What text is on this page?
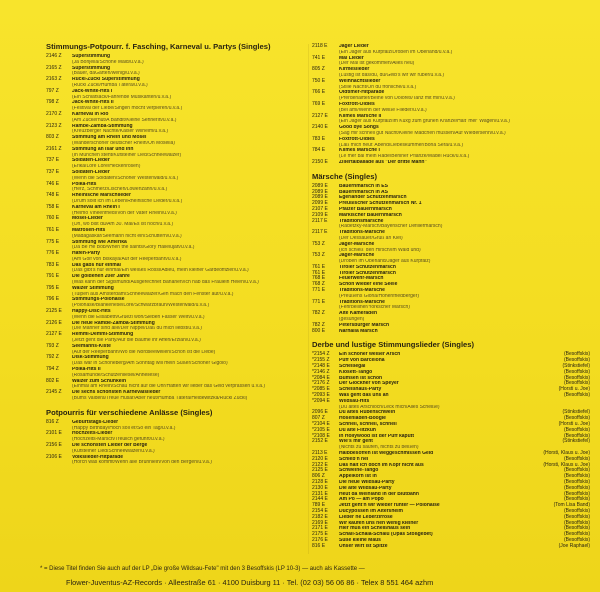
Stimmungs-Potpourr. f. Fasching, Karneval u. Partys (Singles)
2146 Z	Superstimmung
(Ja Bonjella/Schöne Maid/u.v.a.)
2165 Z	Superstimmung
(Bauer, daGarten/wenig/u.v.a.)
2163 Z	Rucki-Zucki Superstimmung
(Rucki Zucki/Humba Täterä/u.v.a.)
797 Z	Jack-White-Hits I
(Ein Schlafsack/Fahrende Musikanten/u.v.a.)
798 Z	Jack-White-Hits II
(Festival der Liebe/Singen möcht verpieren/u.v.a.)
2170 Z	Karneval in Rio
(Am Zuckerhut/A Bandit/Kleine Sennerin/u.v.a.)
2123 Z	Rambe-Zamba-Stimmung
(Kreuzberger Nächte/Kaiser Wilhelm/u.v.a.)
803 Z	Stimmung am Rhein und Mosel
(Wanderschöner deutscher Rhein/Oh Mosella)
2161 Z	Stimmung an Isar und Inn
(In München steht/Kufsteiner Lied/Schneewalzer)
737 E	Soldaten-Lieder
(Erika/Lore Lore/Heckenrosen)
737 E	Soldaten-Lieder
(Wenn die Soldaten/Schöner Westerwald/u.v.a.)
746 E	Polka-Hits
(Herz, Schmerz/Lischen/Löwenzahn/u.v.a.)
748 E	Rheinische Marschlieder
(Drum sollt ich im Leben/Rheinische Lieder/u.v.a.)
758 E	Karneval am Rhein I
(Heimo Vineenfriedl/Von der Vater Rhein/u.v.a.)
760 E	Mosel-Lieder
(Oh, wo bist du/Am 30. Mai/Es ist noch/u.v.a.)
761 E	Matrosen-Hits
(Madagaskar/Seemann nicht ein/Schüttern/u.v.a.)
775 E	Stimmung wie Amerika
(Da Be He Bob/When the saints/Glory Hallelujah/u.v.a.)
776 E	Hafen-Party
(Am Golf von Biskaya/Auf der Reeperbahn/u.v.a.)
783 E	Das gabs nur einmal
(Das gibt's nur einmal/Ein weißes Rössl/Adieu, mein kleiner Gardeoffizier/u.v.a.)
791 E	Die goldenen 20er Jahre
(Was kann der Sigismund/Ausgerechnet Bananen/Ich hab das Fräulein Helen/u.v.a.)
795 E	Walzer Stimmung
(Tulpen aus Amsterdam/Schneewalzer/Geh mach den Fenster auf/u.v.a.)
796 E	Stimmungs-Polonaise
(Polonäse/Blankenese/Lore/Schwarzbraun/Westerwald/u.v.a.)
2125 E	Happy-Disc-Hits
(Wenn die Elisabeth/Gruezi woh/Sieben Fässer Wein/u.v.a.)
2126 E	Die neue Rambe-Zamba-Stimmung
(Die Männer sind alle/Der Nippel/Daß du mich liebst/u.v.a.)
2127 E	Remmi-Demmi-Stimmung
(Jetzt geht die Party/Auf die Bäume ihr Affen/Erzian/u.v.a.)
793 Z	Seemanns-Kiste
(Auf der Reeperbahn/Wo die Nordseewellen/Schön ist die Liebe)
792 Z	Disk-Stimmung
(Das war in Schöneberg/Am Sonntag will mein Süßer/Schöner Gigolo)
794 Z	Polka-Hits II
(Rosamunde/Schützenliesel/Anneliese)
802 E	Walzer zum Schunkeln
(Einmal am Rhein/Schau nicht auf die Uhr/Hätten wir lieber das Geld verprassen u.v.a.)
2145 Z	Die sechs schönsten Karnevalslieder
(Bums Valdera/Treue Husar/Aber heut/Humba Täterä/Heidewitzka/Rucki Zucki)
Potpourris für verschiedene Anlässe (Singles)
816 Z	Geburtstags-Lieder
(Happy Birthday/Hoch soll er/So ein Tag/u.v.a.)
2101 E	Hochzeits-Lieder
(Hochzeits-Marsch/Treulich geführt/u.v.a.)
2156 E	Die schönsten Lieder der Berge
(Kufsteiner Lied/Schneewalzer/u.v.a.)
2106 E	Volkslieder-Hitparade
(Horch was kommt/Wenn alle Brünnlein/Von den Bergen/u.v.a.)
2118 E	Jäger Lieder
(Ein Jäger aus Kurpfalz/Droben im Oberland/u.v.a.)
741 E	Mai Lieder
(Der Mai ist gekommen/Alles neu)
805 Z	Kirmeslieder
(Lustig ist das/du, du/Gelb's wir wir rüber/u.v.a.)
750 E	Weihnachtslieder
(Stille Nacht/Oh du fröhliche/u.v.a.)
766 E	Oldtimer-Hitparade
(Pferdehalfter/Beine von Dolores/Tanz mit mir/u.v.a.)
769 E	Foxtrott-Oldies
(Bel ami/Wenn der weiße Flieder/u.v.a.)
2127 E	Klimes Märsche II
(Ein Jäger aus Kurpfalz/Im Kuxg zum grünen Kranze/Halt' mer' Wagen/u.v.a.)
2140 E	Good bye Songs
(Sag mir schnell gut Nacht/Kleine Mädchen müssen/Auf Wiedersehn/u.v.a.)
783 E	Foxtrott-Oldies
(Laß mich heut' Abend/Liebeskummer/Bona Sera/u.v.a.)
784 E	Klimes Märsche I
(Le mer bai mein Rade/Berliner Pflanze/Mädel Ruck/u.v.a.)
2150 E	Zillertalballade aus "Der dritte Mann"
Märsche (Singles)
2089 E	Bauernmarsch in ES
2089 E	Bauernmarsch in AS
2089 E	Egerländer Schützenmarsch
2099 E	Preußischer Schützenmarsch Nr. 1
2107 E	Pfälzer Bauernmarsch
2109 E	Märkischer Bauernmarsch
2117 E	Traditionsmärsche
(Radetzky-Marsch/Bayerischer Defiliermarsch)
2117 E	Traditions-Märsche
(Der Dessauer/Gruß an Kiel)
753 Z	Jäger-Märsche
(Ich schieß' den Hirsch/Im Wald und)
753 Z	Jäger-Märsche
(Droben im Oberland/Jäger aus Kurpfalz)
761 E	Tiroler Schützenmarsch
761 E	Tiroler Schützenmarsch
768 E	Feuerwehr-Marsch
768 Z	Schon wieder eine Seele
771 E	Traditions-Märsche
(Preußens Gloria/Hohenfriedberger)
771 E	Traditions-Märsche
(Fehrbelliner/Yorkscher Marsch)
782 Z	Alte Kameraden
(gesungen)
782 Z	Petersburger Marsch
800 E	Narhalla Marsch
Derbe und lustige Stimmungslieder (Singles)
*2154 Z	Ein schöner weißer Arsch	(Besoffskis)
*2155 Z	Puff von Barcelona	(Besoffskis)
*2148 E	Scheißegal	(Stinkstiefel)
*2146 Z	Klosett-Tango	(Besoffskis)
*2084 E	Bumsen ist schön	(Besoffskis)
*2176 Z	Der Glöckner von Speyer	(Besoffskis)
*2085 E	Scheißhaus-Party	(Horsti u. Joe)
*2093 E	Was geht das uns an	(Besoffskis)
*2094 E	Wildsau-Hits
(Du altes Arschloch/Leck mich/Alles Scheiße)
2096 E	Du altes Rübenschwein	(Stinkstiefel)
807 Z	Hosenladen-Boogie	(Besoffskis)
*2104 E	Schnell, schnell, schnell	(Horsti u. Joe)
*2105 E	Du alte Flitzkuh	(Besoffskis)
*2108 E	In Hollywood ist der Puff kaputt	(Besoffskis)
2152 E	Wie's mir geht	(Stinkstiefel)
(Nichts zu saufen, nichts zu beißen)
2113 E	Halbbesoffen ist weggeschmissen Geld	(Horsti, Klaus u. Joe)
2120 E	Schieb'n nei	(Besoffskis)
2122 E	Das hält ich doch im Kopf nicht aus	(Horsti, Klaus u. Joe)
2125 E	Schweine-Tango	(Besoffskis)
806 Z	Appelkorn ist in	(Besoffskis)
2128 E	Die neue Wildsau-Party	(Besoffskis)
2130 E	Die alte Wildsau-Party	(Besoffskis)
2131 E	Heut da Weinland in der Blutbahn	(Besoffskis)
2144 E	Am Po — am Popo	(Besoffskis)
789 E	Jetzt geht'n wir wieder runter — Polonaise	(Tom Lisa Band)
2154 E	Ducypossen im Altersheim	(Besoffskis)
2182 E	Lieber ne Leberzirrose	(Besoffskis)
2169 E	Wir kaufen uns nen wenig kleiner	(Besoffskis)
2171 E	Hier muß ein Scheißhaus sein	(Besoffskis)
2175 E	Schali-Schala-Schalu (Opas Stoßgebet)	(Besoffskis)
2176 E	Süße kleine Maus	(Besoffskis)
816 E	Unser Wirt ist Spitze	(Joe Raphael)
* = Diese Titel finden Sie auch auf der LP „Die große Wildsau-Fete" mit den 3 Besoffskis (LP 10-3) — auch als Kassette —
Flower-Juventus-AZ-Records · Alleestraße 61 · 4100 Duisburg 11 · Tel. (02 03) 56 06 86 · Telex 8 551 464 azhm
